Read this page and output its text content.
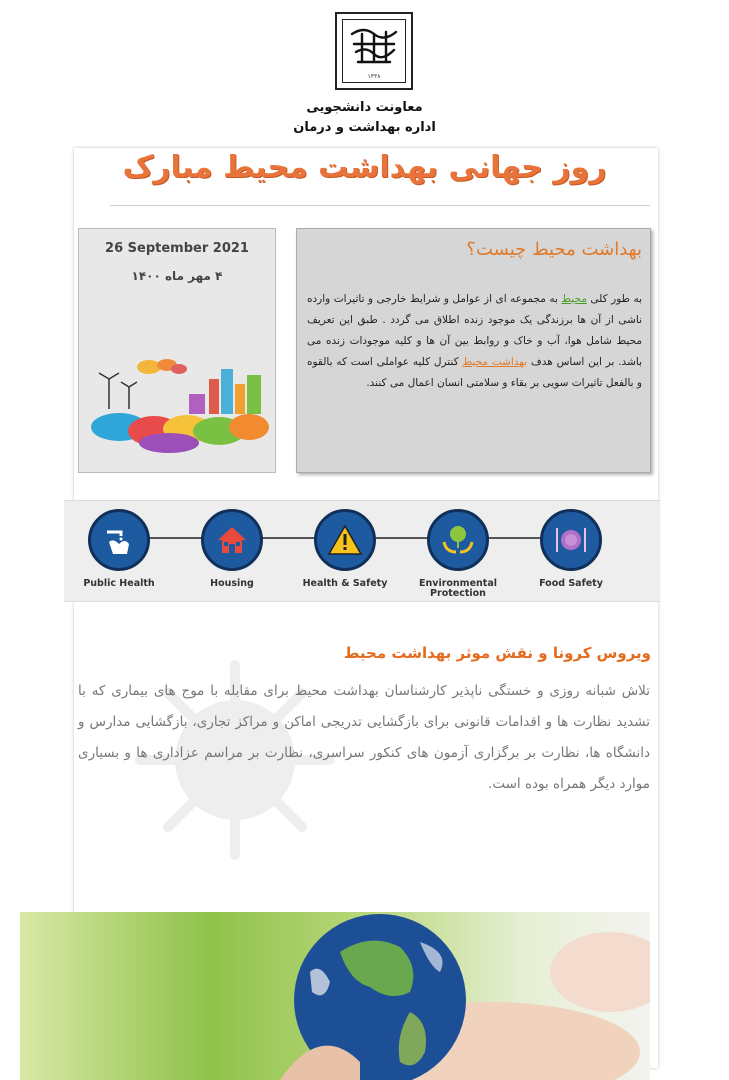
۱۳۳۸
معاونت دانشجویی
اداره بهداشت و درمان
روز جهانی بهداشت محیط مبارک
26 September 2021
۴ مهر ماه ۱۴۰۰
بهداشت محیط چیست؟
به طور کلی محیط به مجموعه ای از عوامل و شرایط خارجی و تاثیرات وارده ناشی از آن ها برزندگی یک موجود زنده اطلاق می گردد . طبق این تعریف محیط شامل هوا، آب و خاک و روابط بین آن ها و کلیه موجودات زنده می باشد. بر این اساس هدف بهداشت محیط کنترل کلیه عواملی است که بالقوه و بالفعل تاثیرات سویی بر بقاء و سلامتی انسان اعمال می کنند.
Public Health	Housing	Health & Safety	Environmental Protection
Food Safety
ویروس کرونا و نقش موثر بهداشت محیط
تلاش شبانه روزی و خستگی ناپذیر کارشناسان بهداشت محیط برای مقابله با موج های بیماری که با تشدید نظارت ها و اقدامات قانونی برای بازگشایی تدریجی اماکن و مراکز تجاری، بازگشایی مدارس و دانشگاه ها، نظارت بر برگزاری آزمون های کنکور سراسری، نظارت بر مراسم عزاداری ها و بسیاری موارد دیگر همراه بوده است.
